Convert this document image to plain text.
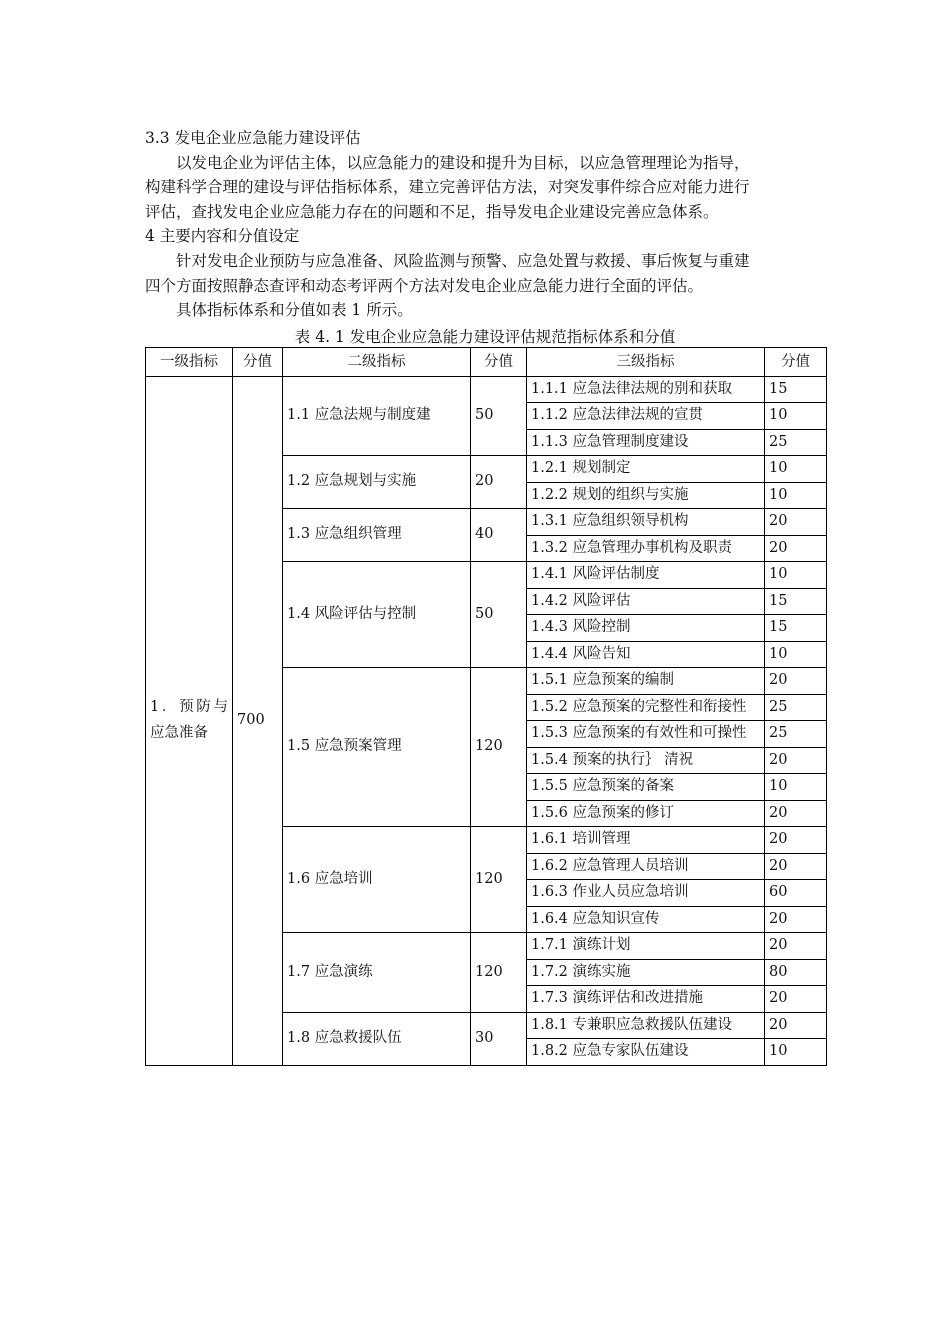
3.3 发电企业应急能力建设评估

以发电企业为评估主体，以应急能力的建设和提升为目标，以应急管理理论为指导，

构建科学合理的建设与评估指标体系，建立完善评估方法，对突发事件综合应对能力进行

评估，查找发电企业应急能力存在的问题和不足，指导发电企业建设完善应急体系。

4 主要内容和分值设定

针对发电企业预防与应急准备、风险监测与预警、应急处置与救援、事后恢复与重建

四个方面按照静态查评和动态考评两个方法对发电企业应急能力进行全面的评估。

具体指标体系和分值如表 1 所示。

表 4. 1 发电企业应急能力建设评估规范指标体系和分值
一级指标	分值	二级指标	分值	三级指标	分值
1．预防与应急准备	700	1.1 应急法规与制度建	50	1.1.1 应急法律法规的别和获取	15
				1.1.2 应急法律法规的宣贯	10
				1.1.3 应急管理制度建设	25
		1.2 应急规划与实施	20	1.2.1 规划制定	10
				1.2.2 规划的组织与实施	10
		1.3 应急组织管理	40	1.3.1 应急组织领导机构	20
				1.3.2 应急管理办事机构及职责	20
		1.4 风险评估与控制	50	1.4.1 风险评估制度	10
				1.4.2 风险评估	15
				1.4.3 风险控制	15
				1.4.4 风险告知	10
		1.5 应急预案管理	120	1.5.1 应急预案的编制	20
				1.5.2 应急预案的完整性和衔接性	25
				1.5.3 应急预案的有效性和可操性	25
				1.5.4 预案的执行｝ 清祝	20
				1.5.5 应急预案的备案	10
				1.5.6 应急预案的修订	20
		1.6 应急培训	120	1.6.1 培训管理	20
				1.6.2 应急管理人员培训	20
				1.6.3 作业人员应急培训	60
				1.6.4 应急知识宣传	20
		1.7 应急演练	120	1.7.1 演练计划	20
				1.7.2 演练实施	80
				1.7.3 演练评估和改进措施	20
		1.8 应急救援队伍	30	1.8.1 专兼职应急救援队伍建设	20
				1.8.2 应急专家队伍建设	10
